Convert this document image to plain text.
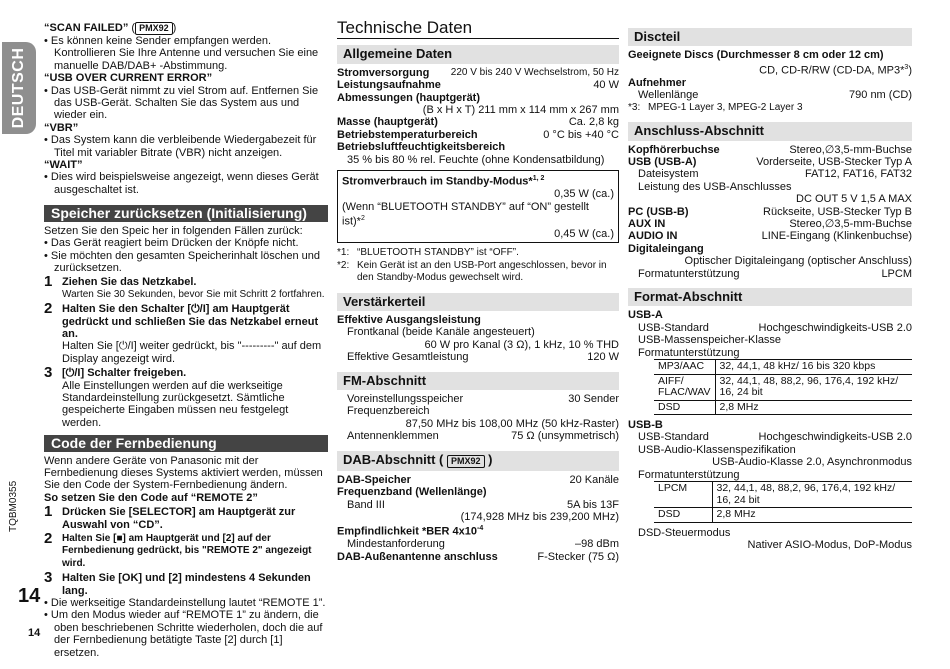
DEUTSCH
TQBM0355
14
14
“SCAN FAILED” ( PMX92 )
• Es können keine Sender empfangen werden. Kontrollieren Sie Ihre Antenne und versuchen Sie eine manuelle DAB/DAB+ -Abstimmung.
“USB OVER CURRENT ERROR”
• Das USB-Gerät nimmt zu viel Strom auf. Entfernen Sie das USB-Gerät. Schalten Sie das System aus und wieder ein.
“VBR”
• Das System kann die verbleibende Wiedergabezeit für Titel mit variabler Bitrate (VBR) nicht anzeigen.
“WAIT”
• Dies wird beispielsweise angezeigt, wenn dieses Gerät ausgeschaltet ist.
Speicher zurücksetzen (Initialisierung)
Setzen Sie den Speic her in folgenden Fällen zurück:
• Das Gerät reagiert beim Drücken der Knöpfe nicht.
• Sie möchten den gesamten Speicherinhalt löschen und zurücksetzen.
1 Ziehen Sie das Netzkabel.
Warten Sie 30 Sekunden, bevor Sie mit Schritt 2 fortfahren.
2 Halten Sie den Schalter [⏻/I] am Hauptgerät gedrückt und schließen Sie das Netzkabel erneut an.
Halten Sie [⏻/I] weiter gedrückt, bis "---------" auf dem Display angezeigt wird.
3 [⏻/I] Schalter freigeben.
Alle Einstellungen werden auf die werkseitige Standardeinstellung zurückgesetzt. Sämtliche gespeicherte Eingaben müssen neu festgelegt werden.
Code der Fernbedienung
Wenn andere Geräte von Panasonic mit der Fernbedienung dieses Systems aktiviert werden, müssen Sie den Code der System-Fernbedienung ändern.
So setzen Sie den Code auf “REMOTE 2”
1 Drücken Sie [SELECTOR] am Hauptgerät zur Auswahl von “CD”.
2 Halten Sie [■] am Hauptgerät und [2] auf der Fernbedienung gedrückt, bis "REMOTE 2" angezeigt wird.
3 Halten Sie [OK] und [2] mindestens 4 Sekunden lang.
• Die werkseitige Standardeinstellung lautet “REMOTE 1”.
• Um den Modus wieder auf “REMOTE 1” zu ändern, die oben beschriebenen Schritte wiederholen, doch die auf der Fernbedienung betätigte Taste [2] durch [1] ersetzen.
Technische Daten
Allgemeine Daten
Stromversorgung 220 V bis 240 V Wechselstrom, 50 Hz
Leistungsaufnahme	40 W
Abmessungen (hauptgerät)
(B x H x T) 211 mm x 114 mm x 267 mm
Masse (hauptgerät)	Ca. 2,8 kg
Betriebstemperaturbereich	0 °C bis +40 °C
Betriebsluftfeuchtigkeitsbereich
35 % bis 80 % rel. Feuchte (ohne Kondensatbildung)
Stromverbrauch im Standby-Modus*$^{1, 2}$
0,35 W (ca.)
(Wenn “BLUETOOTH STANDBY” auf “ON” gestellt ist)*$^2$
0,45 W (ca.)
*1: “BLUETOOTH STANDBY” ist “OFF”.
*2: Kein Gerät ist an den USB-Port angeschlossen, bevor in den Standby-Modus gewechselt wird.
Verstärkerteil
Effektive Ausgangsleistung
Frontkanal (beide Kanäle angesteuert)
60 W pro Kanal (3 Ω), 1 kHz, 10 % THD
Effektive Gesamtleistung	120 W
FM-Abschnitt
Voreinstellungsspeicher	30 Sender
Frequenzbereich
87,50 MHz bis 108,00 MHz (50 kHz-Raster)
Antennenklemmen	75 Ω (unsymmetrisch)
DAB-Abschnitt ( PMX92 )
DAB-Speicher	20 Kanäle
Frequenzband (Wellenlänge)
Band III	5A bis 13F
(174,928 MHz bis 239,200 MHz)
Empfindlichkeit *BER $4x10^{-4}$
Mindestanforderung	–98 dBm
DAB-Außenantenne anschluss	F-Stecker (75 Ω)
Discteil
Geeignete Discs (Durchmesser 8 cm oder 12 cm)
CD, CD-R/RW (CD-DA, MP3*$^3$)
Aufnehmer
Wellenlänge	790 nm (CD)
*3: MPEG-1 Layer 3, MPEG-2 Layer 3
Anschluss-Abschnitt
Kopfhörerbuchse	Stereo,∅3,5-mm-Buchse
USB (USB-A)	Vorderseite, USB-Stecker Typ A
Dateisystem	FAT12, FAT16, FAT32
Leistung des USB-Anschlusses
DC OUT 5 V 1,5 A MAX
PC (USB-B)	Rückseite, USB-Stecker Typ B
AUX IN	Stereo,∅3,5-mm-Buchse
AUDIO IN	LINE-Eingang (Klinkenbuchse)
Digitaleingang
Optischer Digitaleingang (optischer Anschluss)
Formatunterstützung	LPCM
Format-Abschnitt
USB-A
USB-Standard	Hochgeschwindigkeits-USB 2.0
USB-Massenspeicher-Klasse
Formatunterstützung
MP3/AAC	32, 44,1, 48 kHz/ 16 bis 320 kbps
AIFF/ FLAC/WAV	32, 44,1, 48, 88,2, 96, 176,4, 192 kHz/ 16, 24 bit
DSD	2,8 MHz
USB-B
USB-Standard	Hochgeschwindigkeits-USB 2.0
USB-Audio-Klassenspezifikation
USB-Audio-Klasse 2.0, Asynchronmodus
Formatunterstützung
LPCM	32, 44,1, 48, 88,2, 96, 176,4, 192 kHz/ 16, 24 bit
DSD	2,8 MHz
DSD-Steuermodus
Nativer ASIO-Modus, DoP-Modus
